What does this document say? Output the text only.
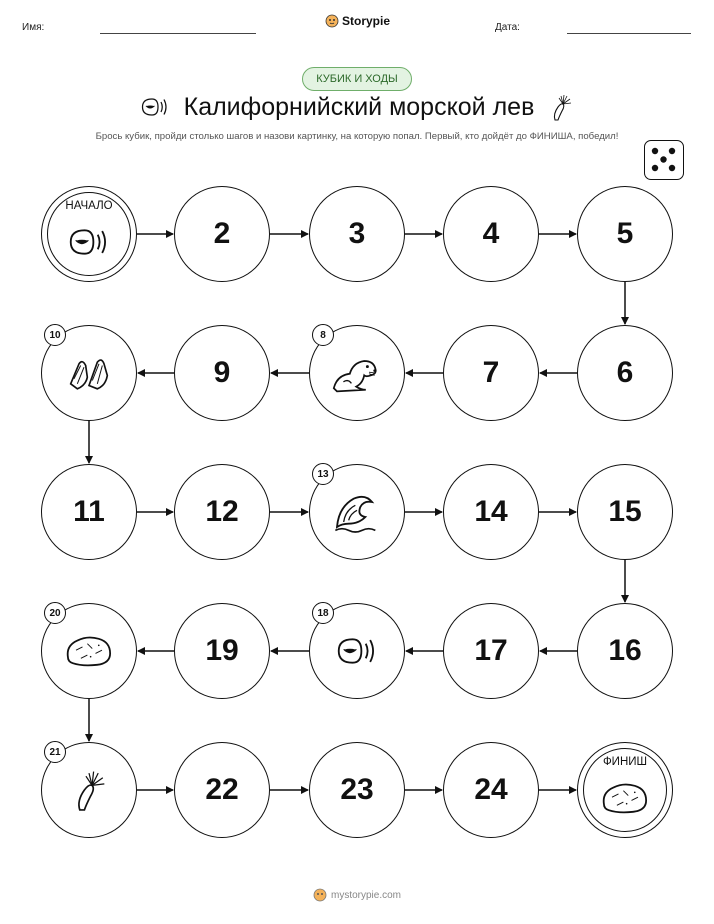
Имя:	Storypie	Дата:
КУБИК И ХОДЫ
Калифорнийский морской лев
Брось кубик, пройди столько шагов и назови картинку, на которую попал. Первый, кто дойдёт до ФИНИША, победил!
НАЧАЛО
2	3	4	5
6
7
8
9
10
11	12
13
14	15
16
17
18
19
20
21
22	23	24
ФИНИШ
mystorypie.com
